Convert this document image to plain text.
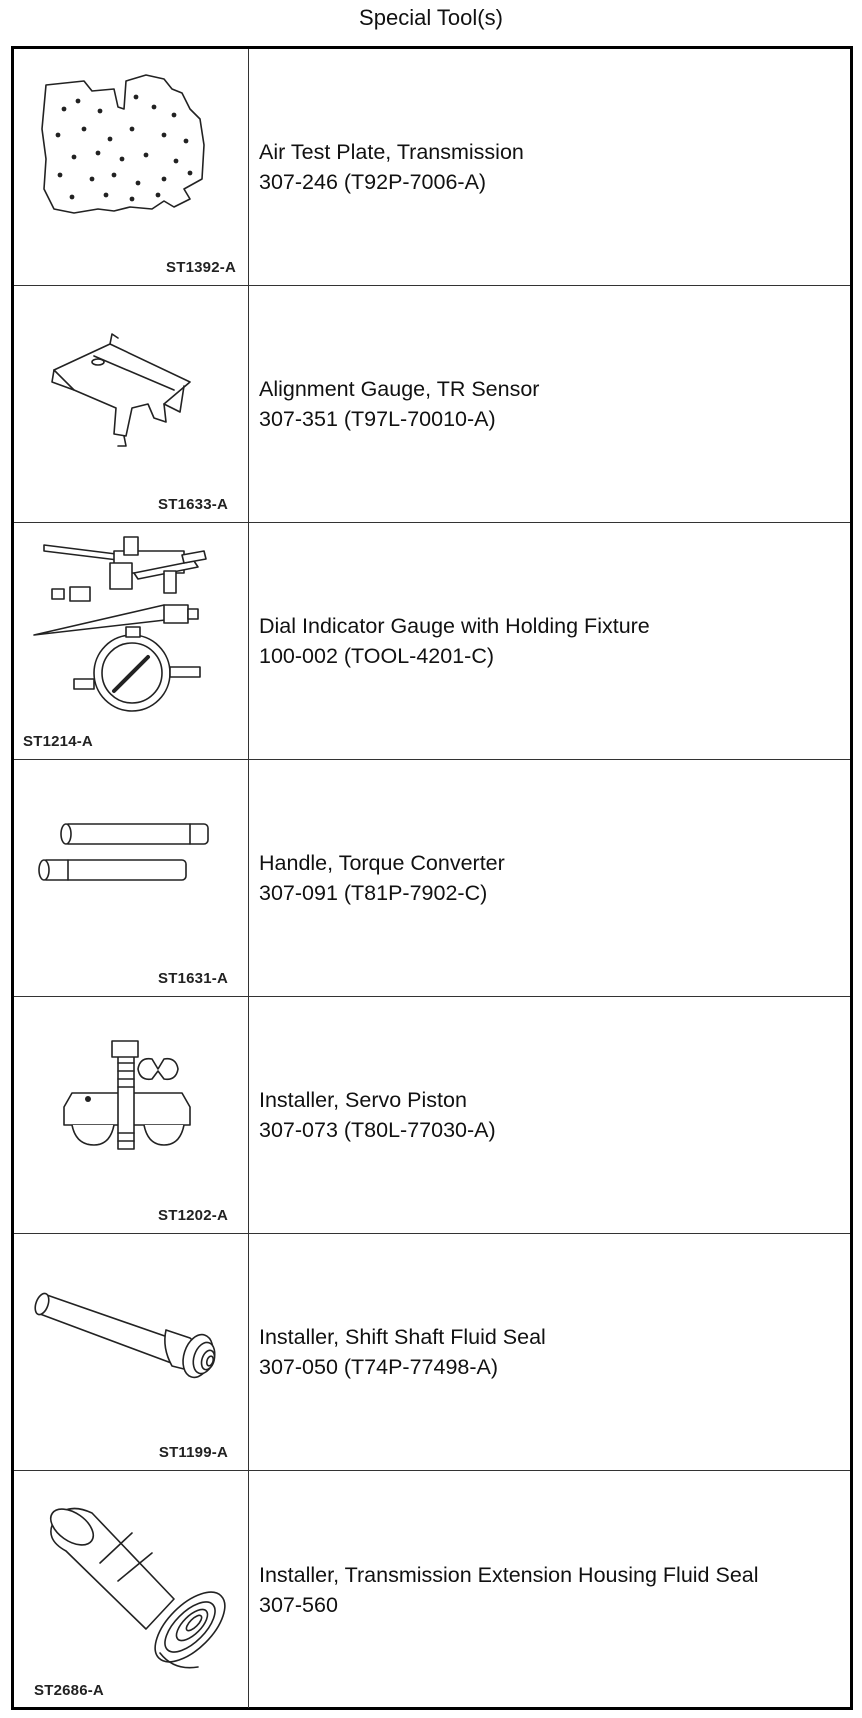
Special Tool(s)
ST1392-A
Air Test Plate, Transmission
307-246 (T92P-7006-A)
ST1633-A
Alignment Gauge, TR Sensor
307-351 (T97L-70010-A)
ST1214-A
Dial Indicator Gauge with Holding Fixture
100-002 (TOOL-4201-C)
ST1631-A
Handle, Torque Converter
307-091 (T81P-7902-C)
ST1202-A
Installer, Servo Piston
307-073 (T80L-77030-A)
ST1199-A
Installer, Shift Shaft Fluid Seal
307-050 (T74P-77498-A)
ST2686-A
Installer, Transmission Extension Housing Fluid Seal
307-560
